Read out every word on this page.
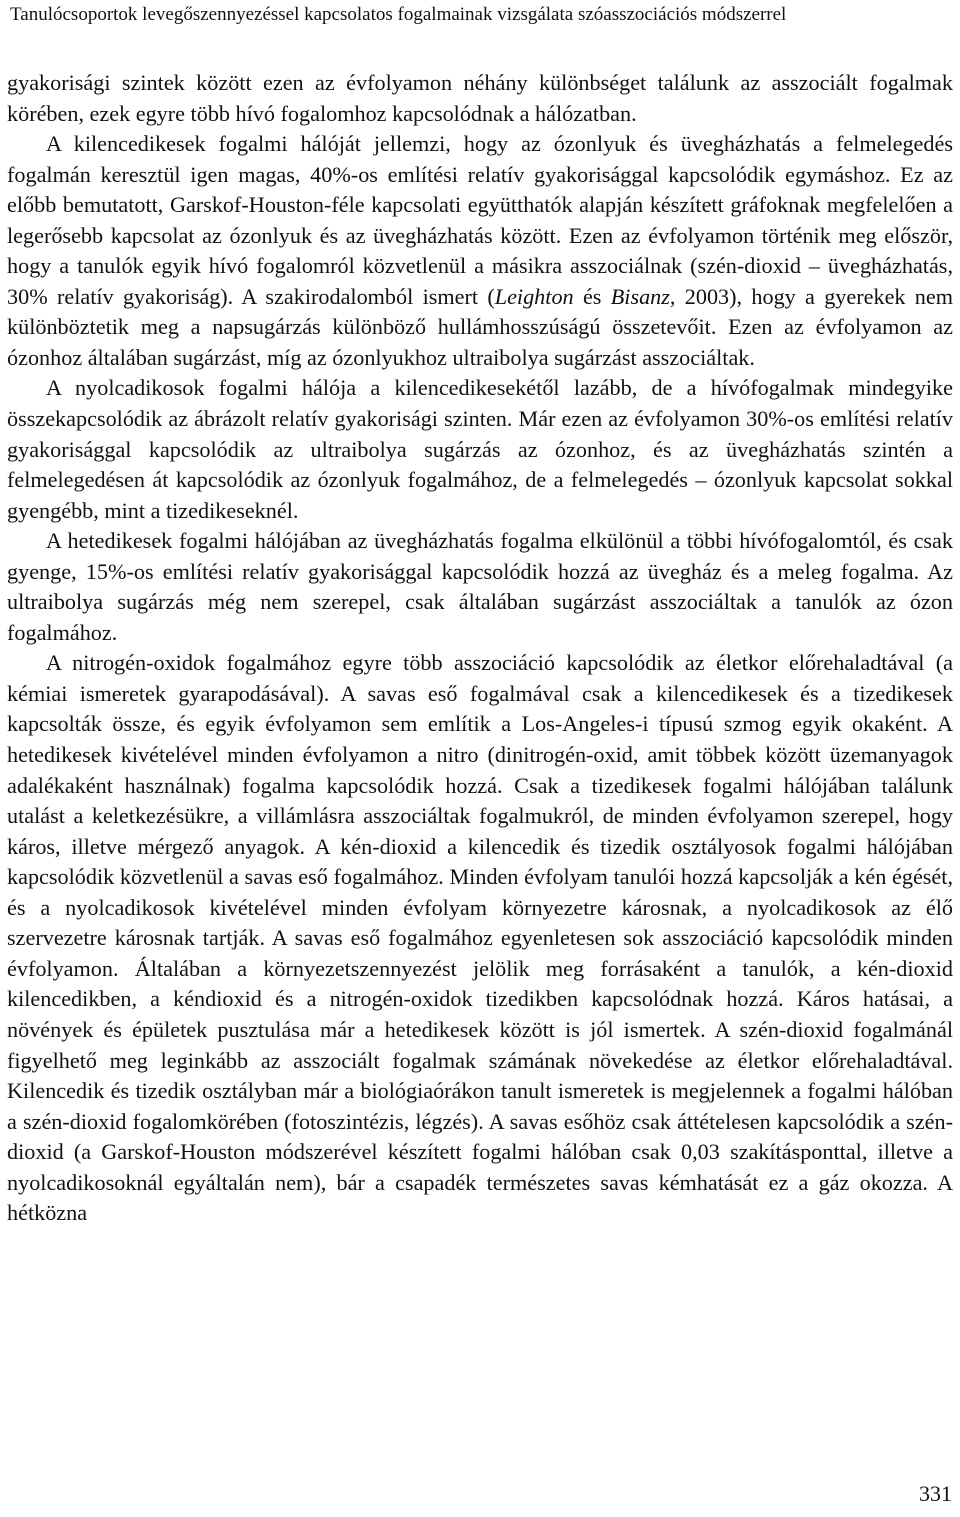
Tanulócsoportok levegőszennyezéssel kapcsolatos fogalmainak vizsgálata szóasszociációs módszerrel

gyakorisági szintek között ezen az évfolyamon néhány különbséget találunk az asszociált fogalmak körében, ezek egyre több hívó fogalomhoz kapcsolódnak a hálózatban.

A kilencedikesek fogalmi hálóját jellemzi, hogy az ózonlyuk és üvegházhatás a felmelegedés fogalmán keresztül igen magas, 40%-os említési relatív gyakorisággal kapcsolódik egymáshoz. Ez az előbb bemutatott, Garskof-Houston-féle kapcsolati együtthatók alapján készített gráfoknak megfelelően a legerősebb kapcsolat az ózonlyuk és az üvegházhatás között. Ezen az évfolyamon történik meg először, hogy a tanulók egyik hívó fogalomról közvetlenül a másikra asszociálnak (szén-dioxid – üvegházhatás, 30% relatív gyakoriság). A szakirodalomból ismert (Leighton és Bisanz, 2003), hogy a gyerekek nem különböztetik meg a napsugárzás különböző hullámhosszúságú összetevőit. Ezen az évfolyamon az ózonhoz általában sugárzást, míg az ózonlyukhoz ultraibolya sugárzást asszociáltak.

A nyolcadikosok fogalmi hálója a kilencedikesekétől lazább, de a hívófogalmak mindegyike összekapcsolódik az ábrázolt relatív gyakorisági szinten. Már ezen az évfolyamon 30%-os említési relatív gyakorisággal kapcsolódik az ultraibolya sugárzás az ózonhoz, és az üvegházhatás szintén a felmelegedésen át kapcsolódik az ózonlyuk fogalmához, de a felmelegedés – ózonlyuk kapcsolat sokkal gyengébb, mint a tizedikeseknél.

A hetedikesek fogalmi hálójában az üvegházhatás fogalma elkülönül a többi hívófogalomtól, és csak gyenge, 15%-os említési relatív gyakorisággal kapcsolódik hozzá az üvegház és a meleg fogalma. Az ultraibolya sugárzás még nem szerepel, csak általában sugárzást asszociáltak a tanulók az ózon fogalmához.

A nitrogén-oxidok fogalmához egyre több asszociáció kapcsolódik az életkor előrehaladtával (a kémiai ismeretek gyarapodásával). A savas eső fogalmával csak a kilencedikesek és a tizedikesek kapcsolták össze, és egyik évfolyamon sem említik a Los-Angeles-i típusú szmog egyik okaként. A hetedikesek kivételével minden évfolyamon a nitro (dinitrogén-oxid, amit többek között üzemanyagok adalékaként használnak) fogalma kapcsolódik hozzá. Csak a tizedikesek fogalmi hálójában találunk utalást a keletkezésükre, a villámlásra asszociáltak fogalmukról, de minden évfolyamon szerepel, hogy káros, illetve mérgező anyagok. A kén-dioxid a kilencedik és tizedik osztályosok fogalmi hálójában kapcsolódik közvetlenül a savas eső fogalmához. Minden évfolyam tanulói hozzá kapcsolják a kén égését, és a nyolcadikosok kivételével minden évfolyam környezetre károsnak, a nyolcadikosok az élő szervezetre károsnak tartják. A savas eső fogalmához egyenletesen sok asszociáció kapcsolódik minden évfolyamon. Általában a környezetszennyezést jelölik meg forrásaként a tanulók, a kén-dioxid kilencedikben, a kéndioxid és a nitrogén-oxidok tizedikben kapcsolódnak hozzá. Káros hatásai, a növények és épületek pusztulása már a hetedikesek között is jól ismertek. A szén-dioxid fogalmánál figyelhető meg leginkább az asszociált fogalmak számának növekedése az életkor előrehaladtával. Kilencedik és tizedik osztályban már a biológiaórákon tanult ismeretek is megjelennek a fogalmi hálóban a szén-dioxid fogalomkörében (fotoszintézis, légzés). A savas esőhöz csak áttételesen kapcsolódik a szén-dioxid (a Garskof-Houston módszerével készített fogalmi hálóban csak 0,03 szakításponttal, illetve a nyolcadikosoknál egyáltalán nem), bár a csapadék természetes savas kémhatását ez a gáz okozza. A hétközna

331
